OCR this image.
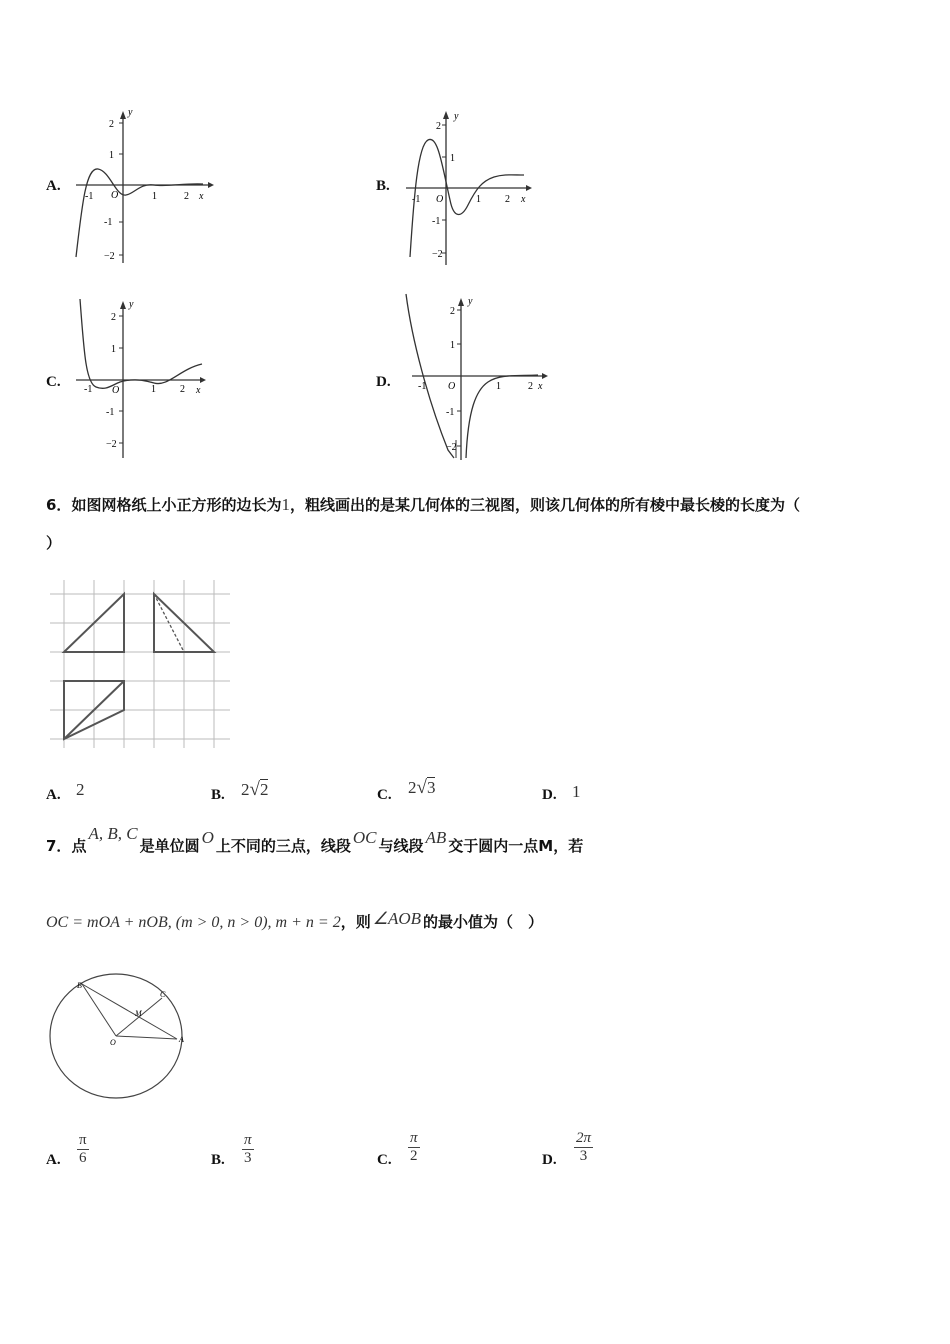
A.
2
1
-1
−2
y
x
O
-1	1	2
B.
2
1
-1
−2
y
x
O
-1	1 2
C.
2
1
-1
−2
y
x
O
-1	1 2	D.
2
1
-1
−2
y
x
O
-1	1	2
6．如图网格纸上小正方形的边长为1，粗线画出的是某几何体的三视图，则该几何体的所有棱中最长棱的长度为（
）
A. 2	B. 2√2	C. 2√3	D. 1
7．点A, B, C是单位圆 O 上不同的三点，线段 OC 与线段 AB 交于圆内一点M，若
OC = mOA + nOB, (m > 0, n > 0), m + n = 2，则 ∠AOB 的最小值为（　）
B
C
M
O	A
A. $\frac{\pi}{6}$	B. $\frac{\pi}{3}$	C. $\frac{\pi}{2}$	D. $\frac{2\pi}{3}$
